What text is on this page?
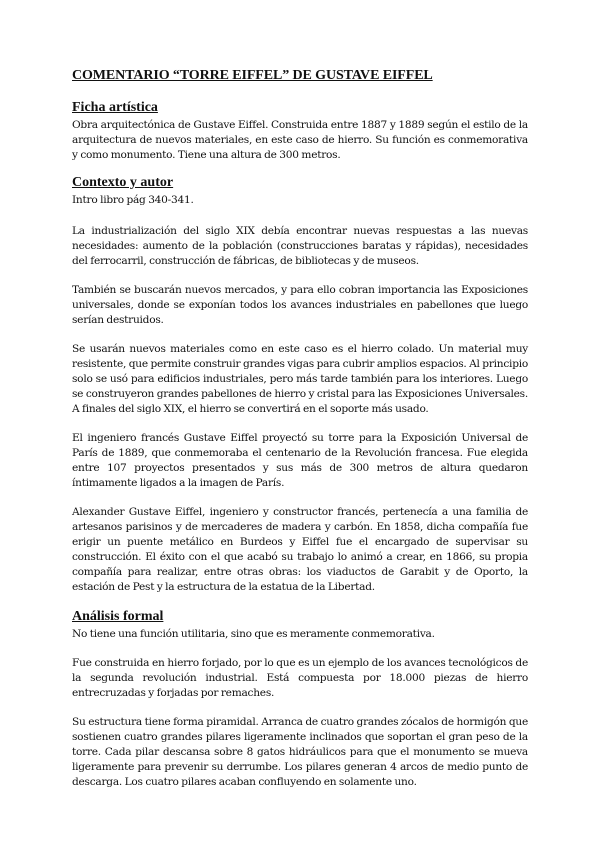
COMENTARIO “TORRE EIFFEL” DE GUSTAVE EIFFEL
Ficha artística

Obra arquitectónica de Gustave Eiffel. Construida entre 1887 y 1889 según el estilo de la arquitectura de nuevos materiales, en este caso de hierro. Su función es conmemorativa y como monumento. Tiene una altura de 300 metros.

Contexto y autor

Intro libro pág 340-341.

La industrialización del siglo XIX debía encontrar nuevas respuestas a las nuevas necesidades: aumento de la población (construcciones baratas y rápidas), necesidades del ferrocarril, construcción de fábricas, de bibliotecas y de museos.

También se buscarán nuevos mercados, y para ello cobran importancia las Exposiciones universales, donde se exponían todos los avances industriales en pabellones que luego serían destruidos.

Se usarán nuevos materiales como en este caso es el hierro colado. Un material muy resistente, que permite construir grandes vigas para cubrir amplios espacios. Al principio solo se usó para edificios industriales, pero más tarde también para los interiores. Luego se construyeron grandes pabellones de hierro y cristal para las Exposiciones Universales. A finales del siglo XIX, el hierro se convertirá en el soporte más usado.

El ingeniero francés Gustave Eiffel proyectó su torre para la Exposición Universal de París de 1889, que conmemoraba el centenario de la Revolución francesa. Fue elegida entre 107 proyectos presentados y sus más de 300 metros de altura quedaron íntimamente ligados a la imagen de París.

Alexander Gustave Eiffel, ingeniero y constructor francés, pertenecía a una familia de artesanos parisinos y de mercaderes de madera y carbón. En 1858, dicha compañía fue erigir un puente metálico en Burdeos y Eiffel fue el encargado de supervisar su construcción. El éxito con el que acabó su trabajo lo animó a crear, en 1866, su propia compañía para realizar, entre otras obras: los viaductos de Garabit y de Oporto, la estación de Pest y la estructura de la estatua de la Libertad.

Análisis formal

No tiene una función utilitaria, sino que es meramente conmemorativa.

Fue construida en hierro forjado, por lo que es un ejemplo de los avances tecnológicos de la segunda revolución industrial. Está compuesta por 18.000 piezas de hierro entrecruzadas y forjadas por remaches.

Su estructura tiene forma piramidal. Arranca de cuatro grandes zócalos de hormigón que sostienen cuatro grandes pilares ligeramente inclinados que soportan el gran peso de la torre. Cada pilar descansa sobre 8 gatos hidráulicos para que el monumento se mueva ligeramente para prevenir su derrumbe. Los pilares generan 4 arcos de medio punto de descarga. Los cuatro pilares acaban confluyendo en solamente uno.
